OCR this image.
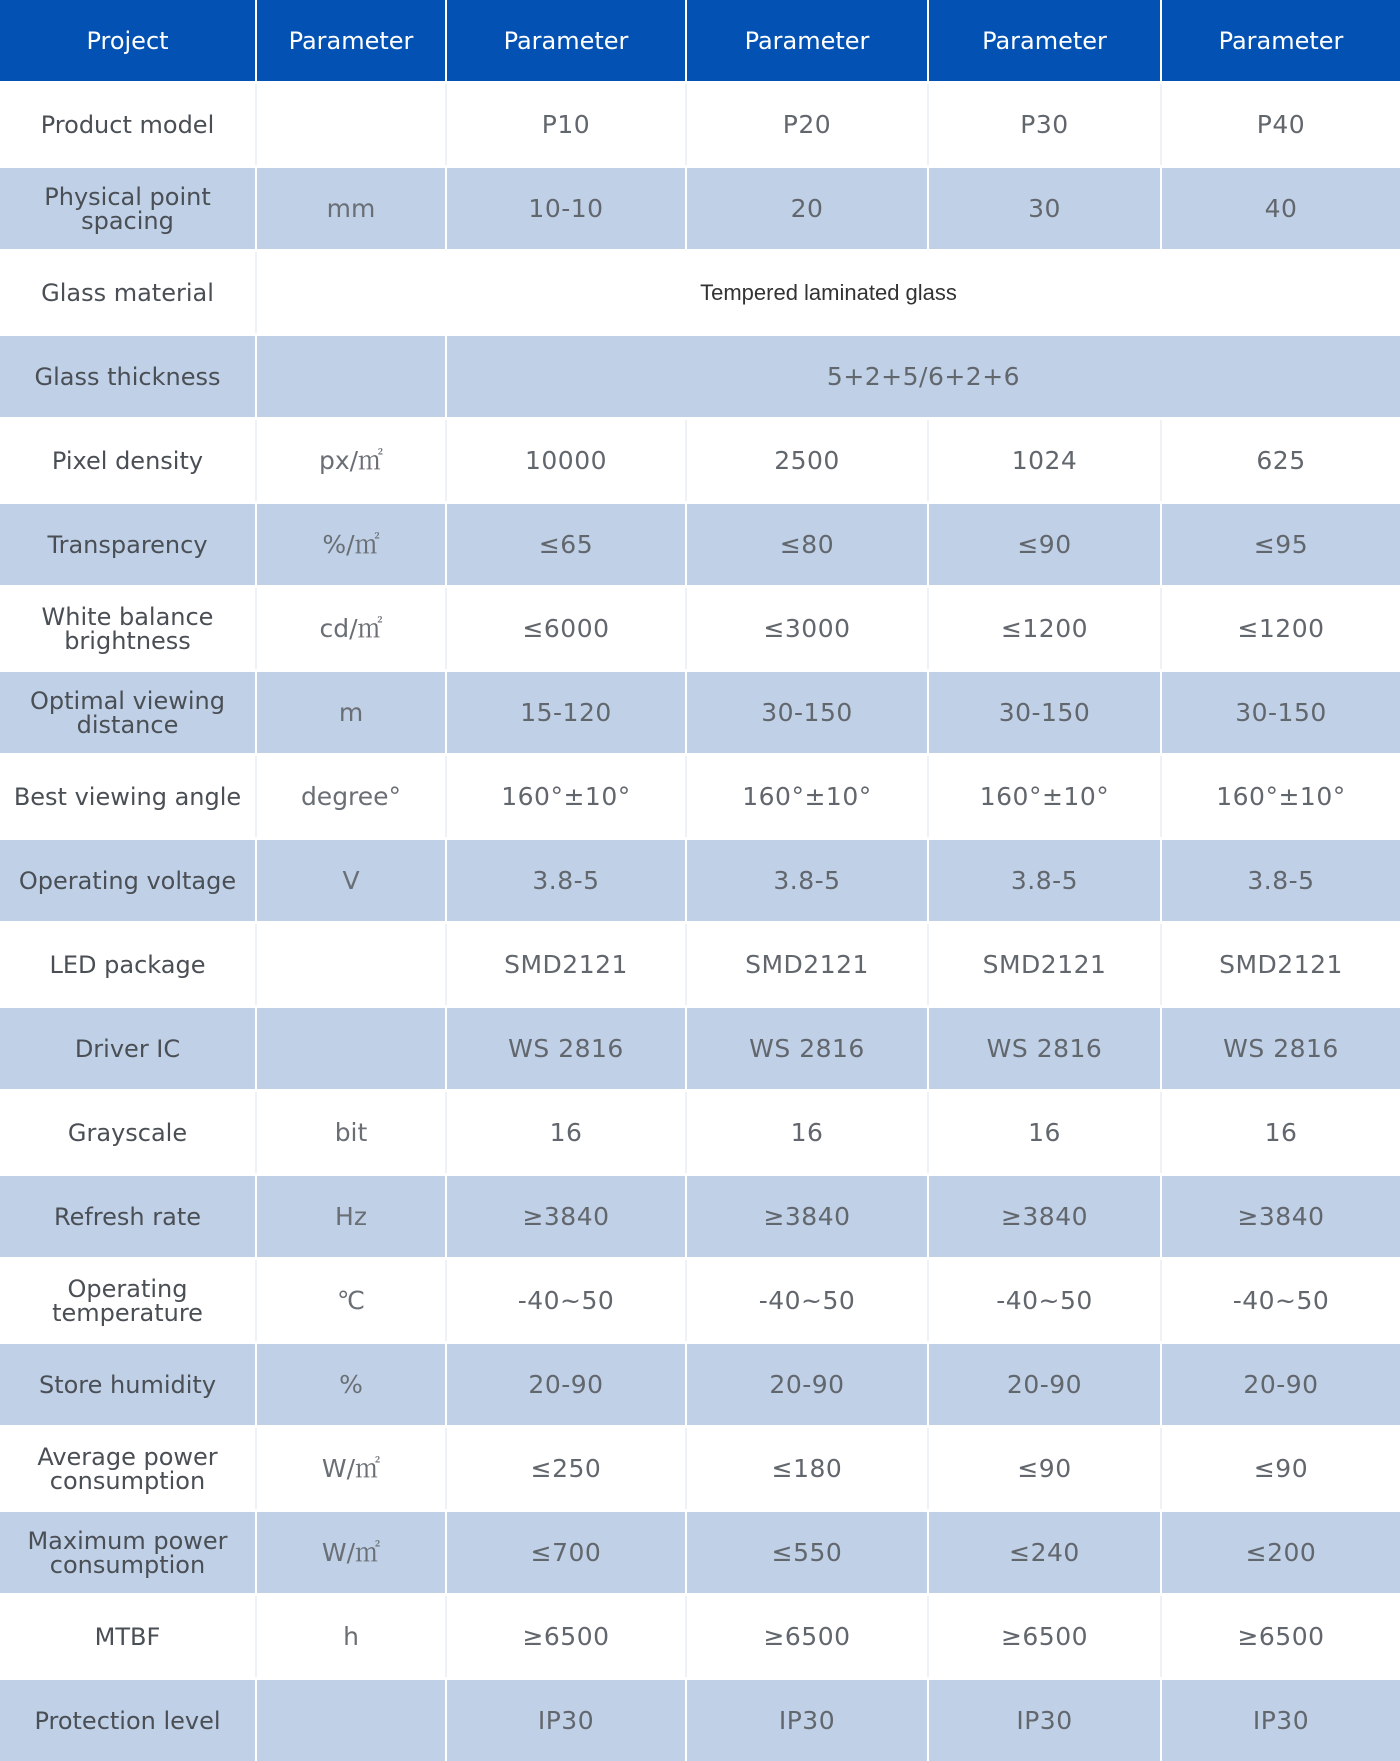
Project	Parameter	Parameter	Parameter	Parameter	Parameter
Product model		P10	P20	P30	P40
Physical point spacing	mm	10-10	20	30	40
Glass material	Tempered laminated glass				
Glass thickness		5+2+5/6+2+6			
Pixel density	px/㎡	10000	2500	1024	625
Transparency	%/㎡	≤65	≤80	≤90	≤95
White balance brightness	cd/㎡	≤6000	≤3000	≤1200	≤1200
Optimal viewing distance	m	15-120	30-150	30-150	30-150
Best viewing angle	degree°	160°±10°	160°±10°	160°±10°	160°±10°
Operating voltage	V	3.8-5	3.8-5	3.8-5	3.8-5
LED package		SMD2121	SMD2121	SMD2121	SMD2121
Driver IC		WS 2816	WS 2816	WS 2816	WS 2816
Grayscale	bit	16	16	16	16
Refresh rate	Hz	≥3840	≥3840	≥3840	≥3840
Operating temperature	℃	-40~50	-40~50	-40~50	-40~50
Store humidity	%	20-90	20-90	20-90	20-90
Average power consumption	W/㎡	≤250	≤180	≤90	≤90
Maximum power consumption	W/㎡	≤700	≤550	≤240	≤200
MTBF	h	≥6500	≥6500	≥6500	≥6500
Protection level		IP30	IP30	IP30	IP30
